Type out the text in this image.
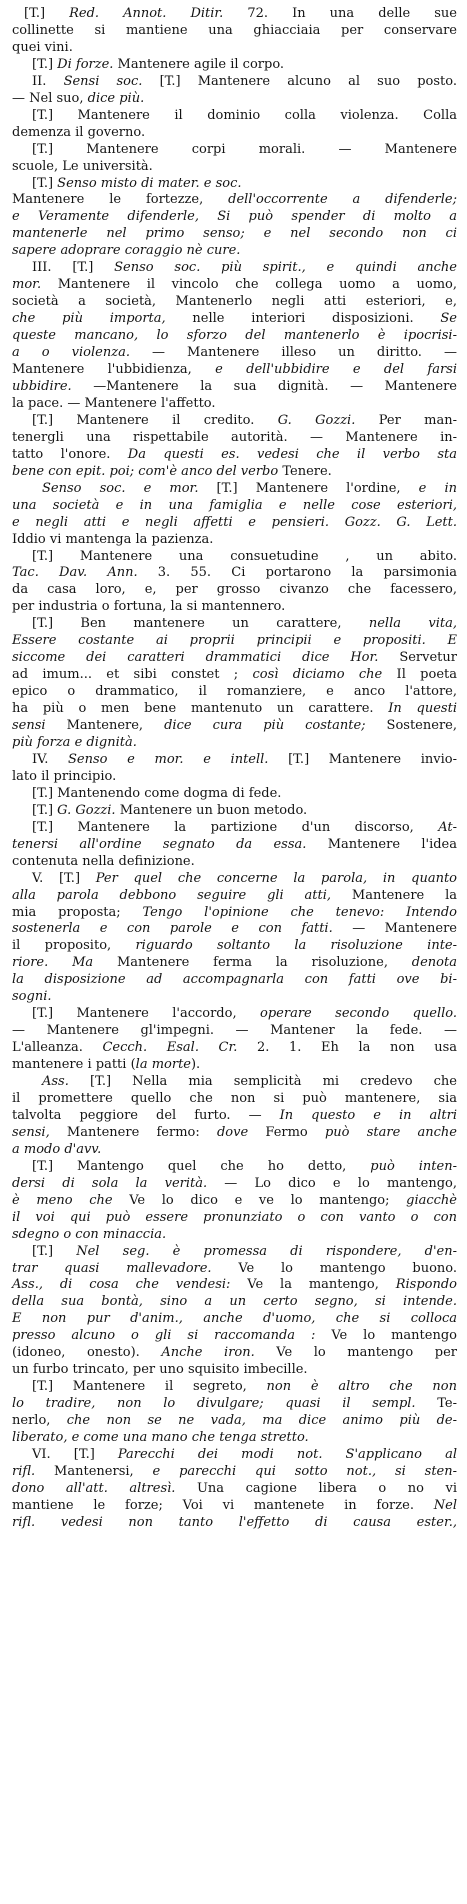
[T.] Red. Annot. Ditir. 72. In una delle sue
collinette si mantiene una ghiacciaia per conservare
quei vini.
[T.] Di forze. Mantenere agile il corpo.
II. Sensi soc. [T.] Mantenere alcuno al suo posto.
— Nel suo, dice più.
[T.] Mantenere il dominio colla violenza. Colla
demenza il governo.
[T.] Mantenere corpi morali. — Mantenere
scuole, Le università.
[T.] Senso misto di mater. e soc.
Mantenere le fortezze, dell'occorrente a difenderle;
e Veramente difenderle, Si può spender di molto a
mantenerle nel primo senso; e nel secondo non ci
sapere adoprare coraggio nè cure.
III. [T.] Senso soc. più spirit., e quindi anche
mor. Mantenere il vincolo che collega uomo a uomo,
società a società, Mantenerlo negli atti esteriori, e,
che più importa, nelle interiori disposizioni. Se
queste mancano, lo sforzo del mantenerlo è ipocrisi-
a o violenza. — Mantenere illeso un diritto. —
Mantenere l'ubbidienza, e dell'ubbidire e del farsi
ubbidire. —Mantenere la sua dignità. — Mantenere
la pace. — Mantenere l'affetto.
[T.] Mantenere il credito. G. Gozzi. Per man-
tenergli una rispettabile autorità. — Mantenere in-
tatto l'onore. Da questi es. vedesi che il verbo sta
bene con epit. poi; com'è anco del verbo Tenere.
Senso soc. e mor. [T.] Mantenere l'ordine, e in
una società e in una famiglia e nelle cose esteriori,
e negli atti e negli affetti e pensieri. Gozz. G. Lett.
Iddio vi mantenga la pazienza.
[T.] Mantenere una consuetudine , un abito.
Tac. Dav. Ann. 3. 55. Ci portarono la parsimonia
da casa loro, e, per grosso civanzo che facessero,
per industria o fortuna, la si mantennero.
[T.] Ben mantenere un carattere, nella vita,
Essere costante ai proprii principii e propositi. E
siccome dei caratteri drammatici dice Hor. Servetur
ad imum... et sibi constet ; così diciamo che Il poeta
epico o drammatico, il romanziere, e anco l'attore,
ha più o men bene mantenuto un carattere. In questi
sensi Mantenere, dice cura più costante; Sostenere,
più forza e dignità.
IV. Senso e mor. e intell. [T.] Mantenere invio-
lato il principio.
[T.] Mantenendo come dogma di fede.
[T.] G. Gozzi. Mantenere un buon metodo.
[T.] Mantenere la partizione d'un discorso, At-
tenersi all'ordine segnato da essa. Mantenere l'idea
contenuta nella definizione.
V. [T.] Per quel che concerne la parola, in quanto
alla parola debbono seguire gli atti, Mantenere la
mia proposta; Tengo l'opinione che tenevo: Intendo
sostenerla e con parole e con fatti. — Mantenere
il proposito, riguardo soltanto la risoluzione inte-
riore. Ma Mantenere ferma la risoluzione, denota
la disposizione ad accompagnarla con fatti ove bi-
sogni.
[T.] Mantenere l'accordo, operare secondo quello.
— Mantenere gl'impegni. — Mantener la fede. —
L'alleanza. Cecch. Esal. Cr. 2. 1. Eh la non usa
mantenere i patti (la morte).
Ass. [T.] Nella mia semplicità mi credevo che
il promettere quello che non si può mantenere, sia
talvolta peggiore del furto. — In questo e in altri
sensi, Mantenere fermo: dove Fermo può stare anche
a modo d'avv.
[T.] Mantengo quel che ho detto, può inten-
dersi di sola la verità. — Lo dico e lo mantengo,
è meno che Ve lo dico e ve lo mantengo; giacchè
il voi qui può essere pronunziato o con vanto o con
sdegno o con minaccia.
[T.] Nel seg. è promessa di rispondere, d'en-
trar quasi mallevadore. Ve lo mantengo buono.
Ass., di cosa che vendesi: Ve la mantengo, Rispondo
della sua bontà, sino a un certo segno, si intende.
E non pur d'anim., anche d'uomo, che si colloca
presso alcuno o gli si raccomanda : Ve lo mantengo
(idoneo, onesto). Anche iron. Ve lo mantengo per
un furbo trincato, per uno squisito imbecille.
[T.] Mantenere il segreto, non è altro che non
lo tradire, non lo divulgare; quasi il sempl. Te-
nerlo, che non se ne vada, ma dice animo più de-
liberato, e come una mano che tenga stretto.
VI. [T.] Parecchi dei modi not. S'applicano al
rifl. Mantenersi, e parecchi qui sotto not., si sten-
dono all'att. altresì. Una cagione libera o no vi
mantiene le forze; Voi vi mantenete in forze. Nel
rifl. vedesi non tanto l'effetto di causa ester.,
